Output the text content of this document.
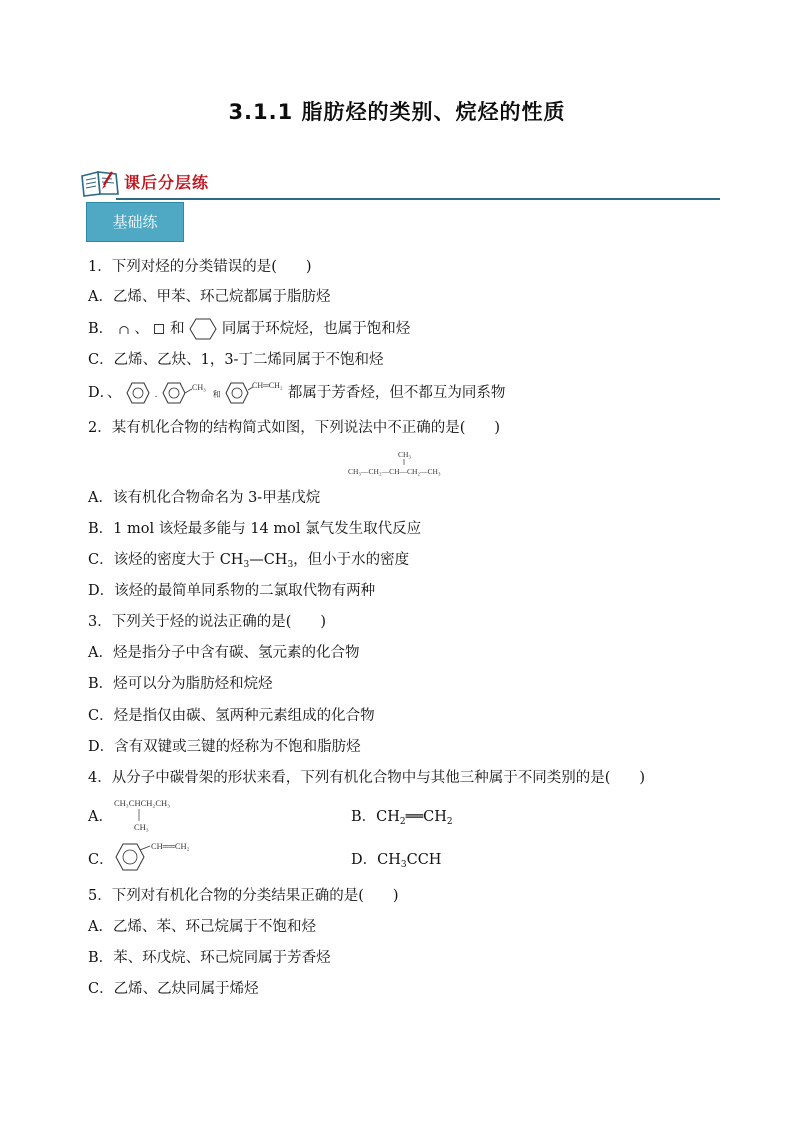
3.1.1 脂肪烃的类别、烷烃的性质
课后分层练
基础练
1．下列对烃的分类错误的是(　　)
A．乙烯、甲苯、环己烷都属于脂肪烃
B． 、 和	同属于环烷烃，也属于饱和烃
C．乙烯、乙炔、1，3-丁二烯同属于不饱和烃
D．、	.
CH₃
和
CH═CH₂ 都属于芳香烃，但不都互为同系物
2．某有机化合物的结构简式如图，下列说法中不正确的是(　　)
CH₃
CH₃—CH₂—CH—CH₂—CH₃
A．该有机化合物命名为 3-甲基戊烷
B．1 mol 该烃最多能与 14 mol 氯气发生取代反应
C．该烃的密度大于 $CH_3—CH_3$，但小于水的密度
D．该烃的最简单同系物的二氯取代物有两种
3．下列关于烃的说法正确的是(　　)
A．烃是指分子中含有碳、氢元素的化合物
B．烃可以分为脂肪烃和烷烃
C．烃是指仅由碳、氢两种元素组成的化合物
D．含有双键或三键的烃称为不饱和脂肪烃
4．从分子中碳骨架的形状来看，下列有机化合物中与其他三种属于不同类别的是(　　)
A．
CH₃CHCH₂CH₃
CH₃
B．$CH_2══CH_2$
C．
CH══CH₂
D．$CH_3CCH$
5．下列对有机化合物的分类结果正确的是(　　)
A．乙烯、苯、环己烷属于不饱和烃
B．苯、环戊烷、环己烷同属于芳香烃
C．乙烯、乙炔同属于烯烃
